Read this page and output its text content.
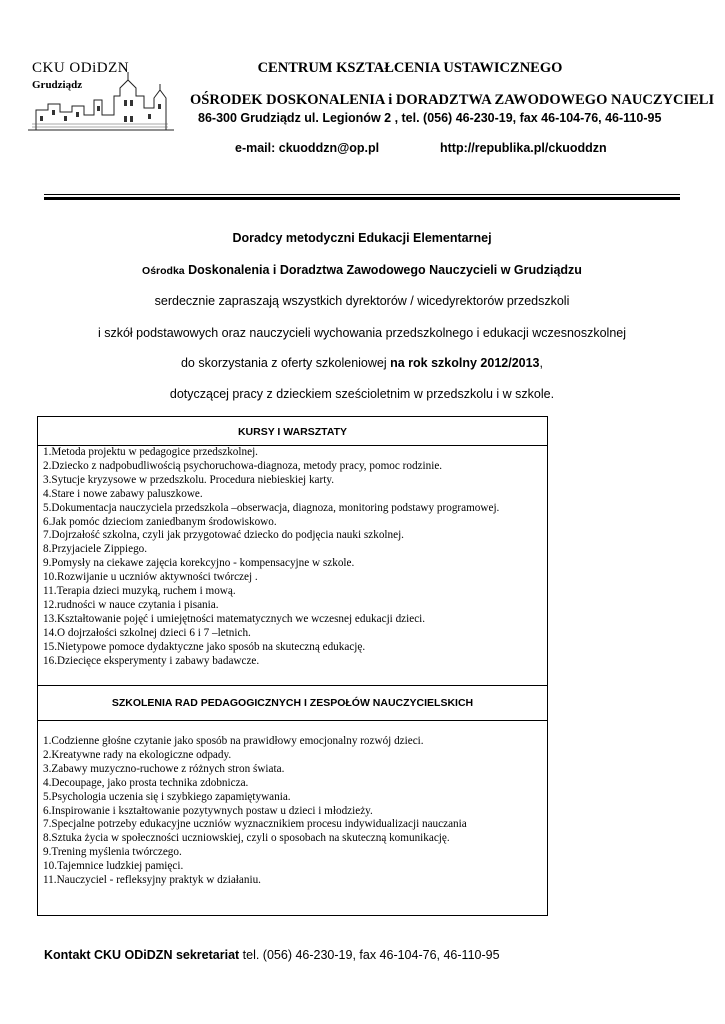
CKU ODiDZN
Grudziądz
CENTRUM KSZTAŁCENIA USTAWICZNEGO
OŚRODEK DOSKONALENIA i DORADZTWA ZAWODOWEGO NAUCZYCIELI
86-300 Grudziądz ul. Legionów 2 , tel. (056) 46-230-19, fax 46-104-76, 46-110-95
e-mail: ckuoddzn@op.pl	http://republika.pl/ckuoddzn
Doradcy metodyczni Edukacji Elementarnej
Ośrodka Doskonalenia i Doradztwa Zawodowego Nauczycieli w Grudziądzu
serdecznie zapraszają wszystkich dyrektorów / wicedyrektorów przedszkoli
i szkół podstawowych oraz nauczycieli wychowania przedszkolnego i edukacji wczesnoszkolnej
do skorzystania z oferty szkoleniowej na rok szkolny 2012/2013,
dotyczącej pracy z dzieckiem sześcioletnim w przedszkolu i w szkole.
KURSY I WARSZTATY
1.Metoda projektu w pedagogice przedszkolnej.
2.Dziecko z nadpobudliwością psychoruchowa-diagnoza, metody pracy, pomoc rodzinie.
3.Sytucje kryzysowe w przedszkolu. Procedura niebieskiej karty.
4.Stare i nowe zabawy paluszkowe.
5.Dokumentacja nauczyciela przedszkola –obserwacja, diagnoza, monitoring podstawy programowej.
6.Jak pomóc dzieciom zaniedbanym środowiskowo.
7.Dojrzałość szkolna, czyli jak przygotować dziecko do podjęcia nauki szkolnej.
8.Przyjaciele Zippiego.
9.Pomysły na ciekawe zajęcia korekcyjno - kompensacyjne w szkole.
10.Rozwijanie u uczniów aktywności twórczej .
11.Terapia dzieci muzyką, ruchem i mową.
12.rudności w nauce czytania i pisania.
13.Kształtowanie pojęć i umiejętności matematycznych we wczesnej edukacji dzieci.
14.O dojrzałości szkolnej dzieci 6 i 7 –letnich.
15.Nietypowe pomoce dydaktyczne jako sposób na skuteczną edukację.
16.Dziecięce eksperymenty i zabawy badawcze.
SZKOLENIA RAD PEDAGOGICZNYCH I ZESPOŁÓW NAUCZYCIELSKICH
1.Codzienne głośne czytanie jako sposób na prawidłowy emocjonalny rozwój dzieci.
2.Kreatywne rady na ekologiczne odpady.
3.Zabawy muzyczno-ruchowe z różnych stron świata.
4.Decoupage, jako prosta technika zdobnicza.
5.Psychologia uczenia się i szybkiego zapamiętywania.
6.Inspirowanie i kształtowanie pozytywnych postaw u dzieci i młodzieży.
7.Specjalne potrzeby edukacyjne uczniów wyznacznikiem procesu indywidualizacji nauczania
8.Sztuka życia w społeczności uczniowskiej, czyli o sposobach na skuteczną komunikację.
9.Trening myślenia twórczego.
10.Tajemnice ludzkiej pamięci.
11.Nauczyciel - refleksyjny praktyk w działaniu.
Kontakt CKU ODiDZN sekretariat tel. (056) 46-230-19, fax 46-104-76, 46-110-95
